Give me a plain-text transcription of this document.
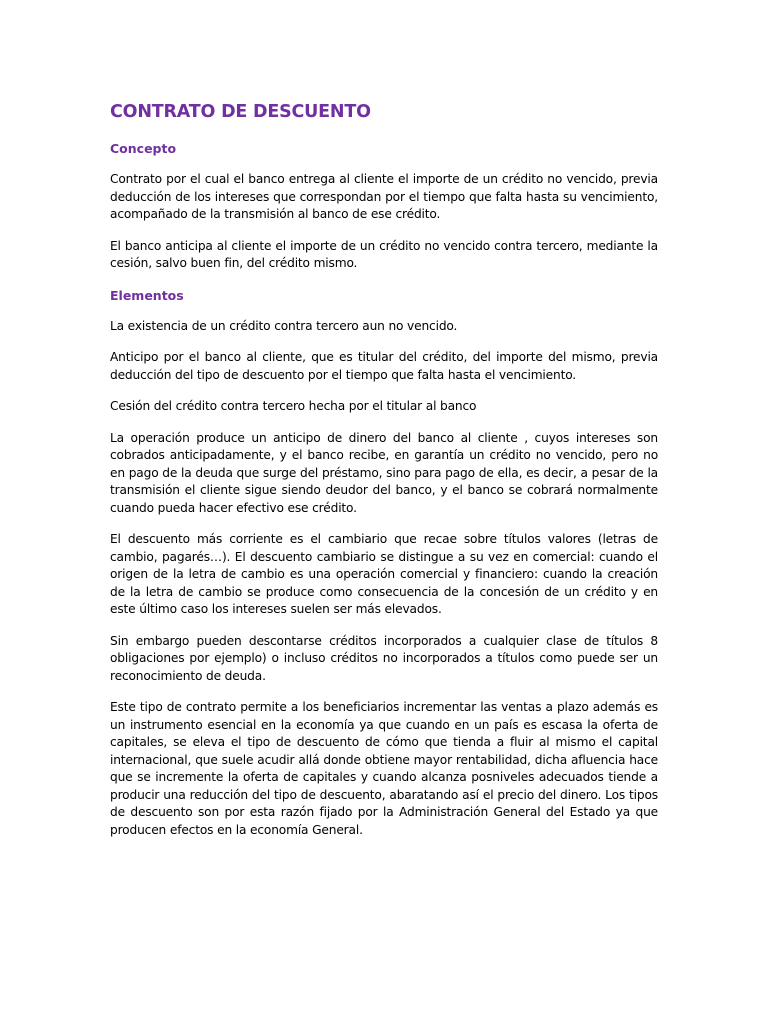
CONTRATO DE DESCUENTO
Concepto

Contrato por el cual el banco entrega al cliente el importe de un crédito no vencido, previa deducción de los intereses que correspondan por el tiempo que falta hasta su vencimiento, acompañado de la transmisión al banco de ese crédito.

El banco anticipa al cliente el importe de un crédito no vencido contra tercero, mediante la cesión, salvo buen fin, del crédito mismo.

Elementos

La existencia de un crédito contra tercero aun no vencido.

Anticipo por el banco al cliente, que es titular del crédito, del importe del mismo, previa deducción del tipo de descuento por el tiempo que falta hasta el vencimiento.

Cesión del crédito contra tercero hecha por el titular al banco

La operación produce un anticipo de dinero del banco al cliente , cuyos intereses son cobrados anticipadamente, y el banco recibe, en garantía un crédito no vencido, pero no en pago de la deuda que surge del préstamo, sino para pago de ella, es decir, a pesar de la transmisión el cliente sigue siendo deudor del banco, y el banco se cobrará normalmente cuando pueda hacer efectivo ese crédito.

El descuento más corriente es el cambiario que recae sobre títulos valores (letras de cambio, pagarés…). El descuento cambiario se distingue a su vez en comercial: cuando el origen de la letra de cambio es una operación comercial y financiero: cuando la creación de la letra de cambio se produce como consecuencia de la concesión de un crédito y en este último caso los intereses suelen ser más elevados.

Sin embargo pueden descontarse créditos incorporados a cualquier clase de títulos 8 obligaciones por ejemplo) o incluso créditos no incorporados a títulos como puede ser un reconocimiento de deuda.

Este tipo de contrato permite a los beneficiarios incrementar las ventas a plazo además es un instrumento esencial en la economía ya que cuando en un país es escasa la oferta de capitales, se eleva el tipo de descuento de cómo que tienda a fluir al mismo el capital internacional, que suele acudir allá donde obtiene mayor rentabilidad, dicha afluencia hace que se incremente la oferta de capitales y cuando alcanza posniveles adecuados tiende a producir una reducción del tipo de descuento, abaratando así el precio del dinero. Los tipos de descuento son por esta razón fijado por la Administración General del Estado ya que producen efectos en la economía General.
